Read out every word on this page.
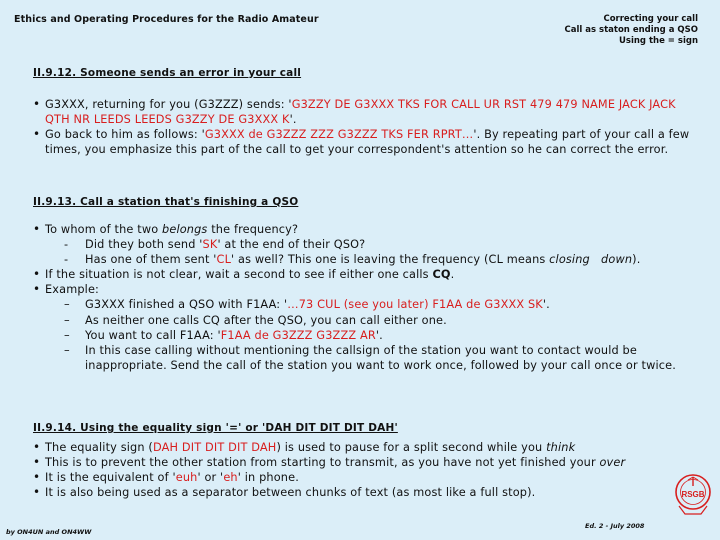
Ethics and Operating Procedures for the Radio Amateur	Correcting your call
Call as staton ending a QSO
Using the = sign
II.9.12. Someone sends an error in your call
• G3XXX, returning for you (G3ZZZ) sends: 'G3ZZY DE G3XXX TKS FOR CALL UR RST 479 479 NAME JACK JACK QTH NR LEEDS LEEDS G3ZZY DE G3XXX K'.
• Go back to him as follows: 'G3XXX de G3ZZZ ZZZ G3ZZZ TKS FER RPRT…'. By repeating part of your call a few times, you emphasize this part of the call to get your correspondent's attention so he can correct the error.
II.9.13. Call a station that's finishing a QSO
• To whom of the two belongs the frequency?
- Did they both send 'SK' at the end of their QSO?
- Has one of them sent 'CL' as well? This one is leaving the frequency (CL means closing   down).
• If the situation is not clear, wait a second to see if either one calls CQ.
• Example:
– G3XXX finished a QSO with F1AA: '…73 CUL (see you later) F1AA de G3XXX SK'.
– As neither one calls CQ after the QSO, you can call either one.
– You want to call F1AA: 'F1AA de G3ZZZ G3ZZZ AR'.
– In this case calling without mentioning the callsign of the station you want to contact would be inappropriate. Send the call of the station you want to work once, followed by your call once or twice.
II.9.14. Using the equality sign '=' or 'DAH DIT DIT DIT DAH'
• The equality sign (DAH DIT DIT DIT DAH) is used to pause for a split second while you think
• This is to prevent the other station from starting to transmit, as you have not yet finished your over
• It is the equivalent of 'euh' or 'eh' in phone.
• It is also being used as a separator between chunks of text (as most like a full stop).
by ON4UN and ON4WW
Ed. 2 - July 2008
RSGB
